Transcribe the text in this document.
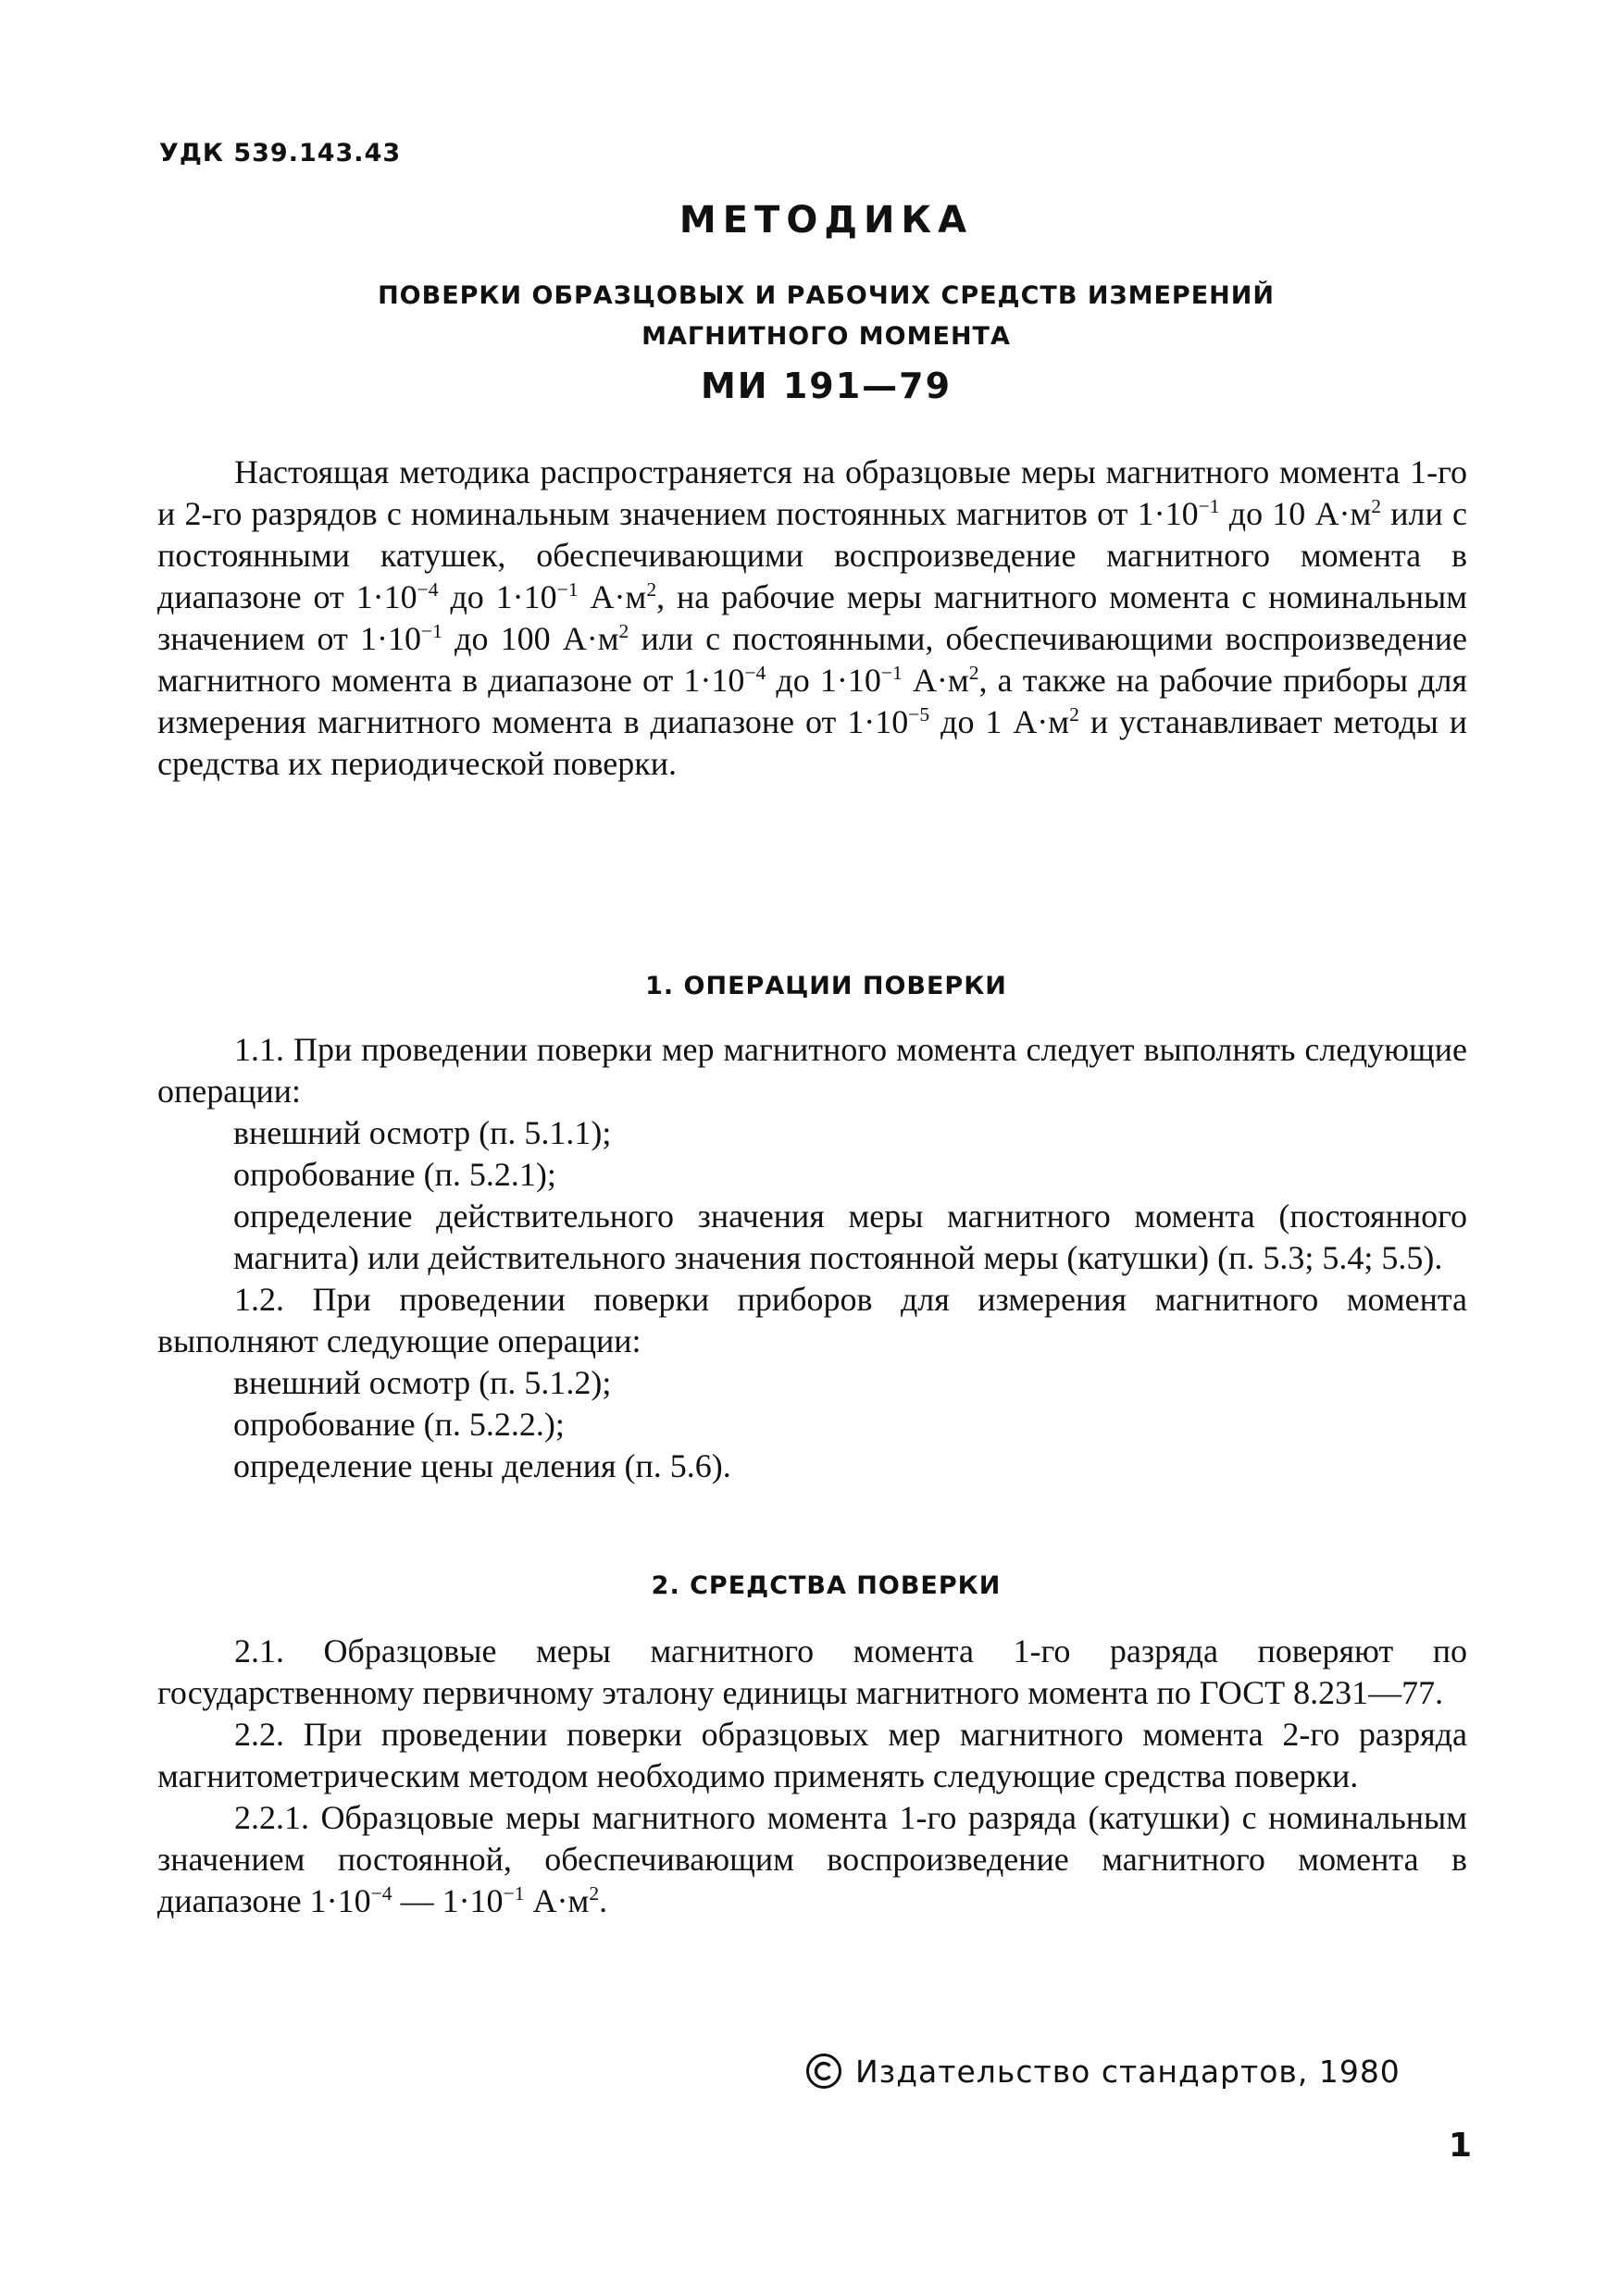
УДК 539.143.43
МЕТОДИКА
ПОВЕРКИ ОБРАЗЦОВЫХ И РАБОЧИХ СРЕДСТВ ИЗМЕРЕНИЙ
МАГНИТНОГО МОМЕНТА
МИ 191—79

Настоящая методика распространяется на образцовые меры магнитного момента 1-го и 2-го разрядов с номинальным значением постоянных магнитов от $1\cdot 10^{-1}$ до 10 $А\cdot м^2$ или с постоянными катушек, обеспечивающими воспроизведение магнитного момента в диапазоне от $1\cdot 10^{-4}$ до $1\cdot 10^{-1}$ $А\cdot м^2$, на рабочие меры магнитного момента с номинальным значением от $1\cdot 10^{-1}$ до 100 $А\cdot м^2$ или с постоянными, обеспечивающими воспроизведение магнитного момента в диапазоне от $1\cdot 10^{-4}$ до $1\cdot 10^{-1}$ $А\cdot м^2$, а также на рабочие приборы для измерения магнитного момента в диапазоне от $1\cdot 10^{-5}$ до 1 $А\cdot м^2$ и устанавливает методы и средства их периодической поверки.

1. ОПЕРАЦИИ ПОВЕРКИ

1.1. При проведении поверки мер магнитного момента следует выполнять следующие операции:

внешний осмотр (п. 5.1.1);
опробование (п. 5.2.1);

определение действительного значения меры магнитного момента (постоянного магнита) или действительного значения постоянной меры (катушки) (п. 5.3; 5.4; 5.5).

1.2. При проведении поверки приборов для измерения магнитного момента выполняют следующие операции:

внешний осмотр (п. 5.1.2);
опробование (п. 5.2.2.);
определение цены деления (п. 5.6).
2. СРЕДСТВА ПОВЕРКИ

2.1. Образцовые меры магнитного момента 1-го разряда поверяют по государственному первичному эталону единицы магнитного момента по ГОСТ 8.231—77.

2.2. При проведении поверки образцовых мер магнитного момента 2-го разряда магнитометрическим методом необходимо применять следующие средства поверки.

2.2.1. Образцовые меры магнитного момента 1-го разряда (катушки) с номинальным значением постоянной, обеспечивающим воспроизведение магнитного момента в диапазоне $1\cdot 10^{-4}$ — $1\cdot 10^{-1}$ $А\cdot м^2$.

Издательство стандартов, 1980
1
